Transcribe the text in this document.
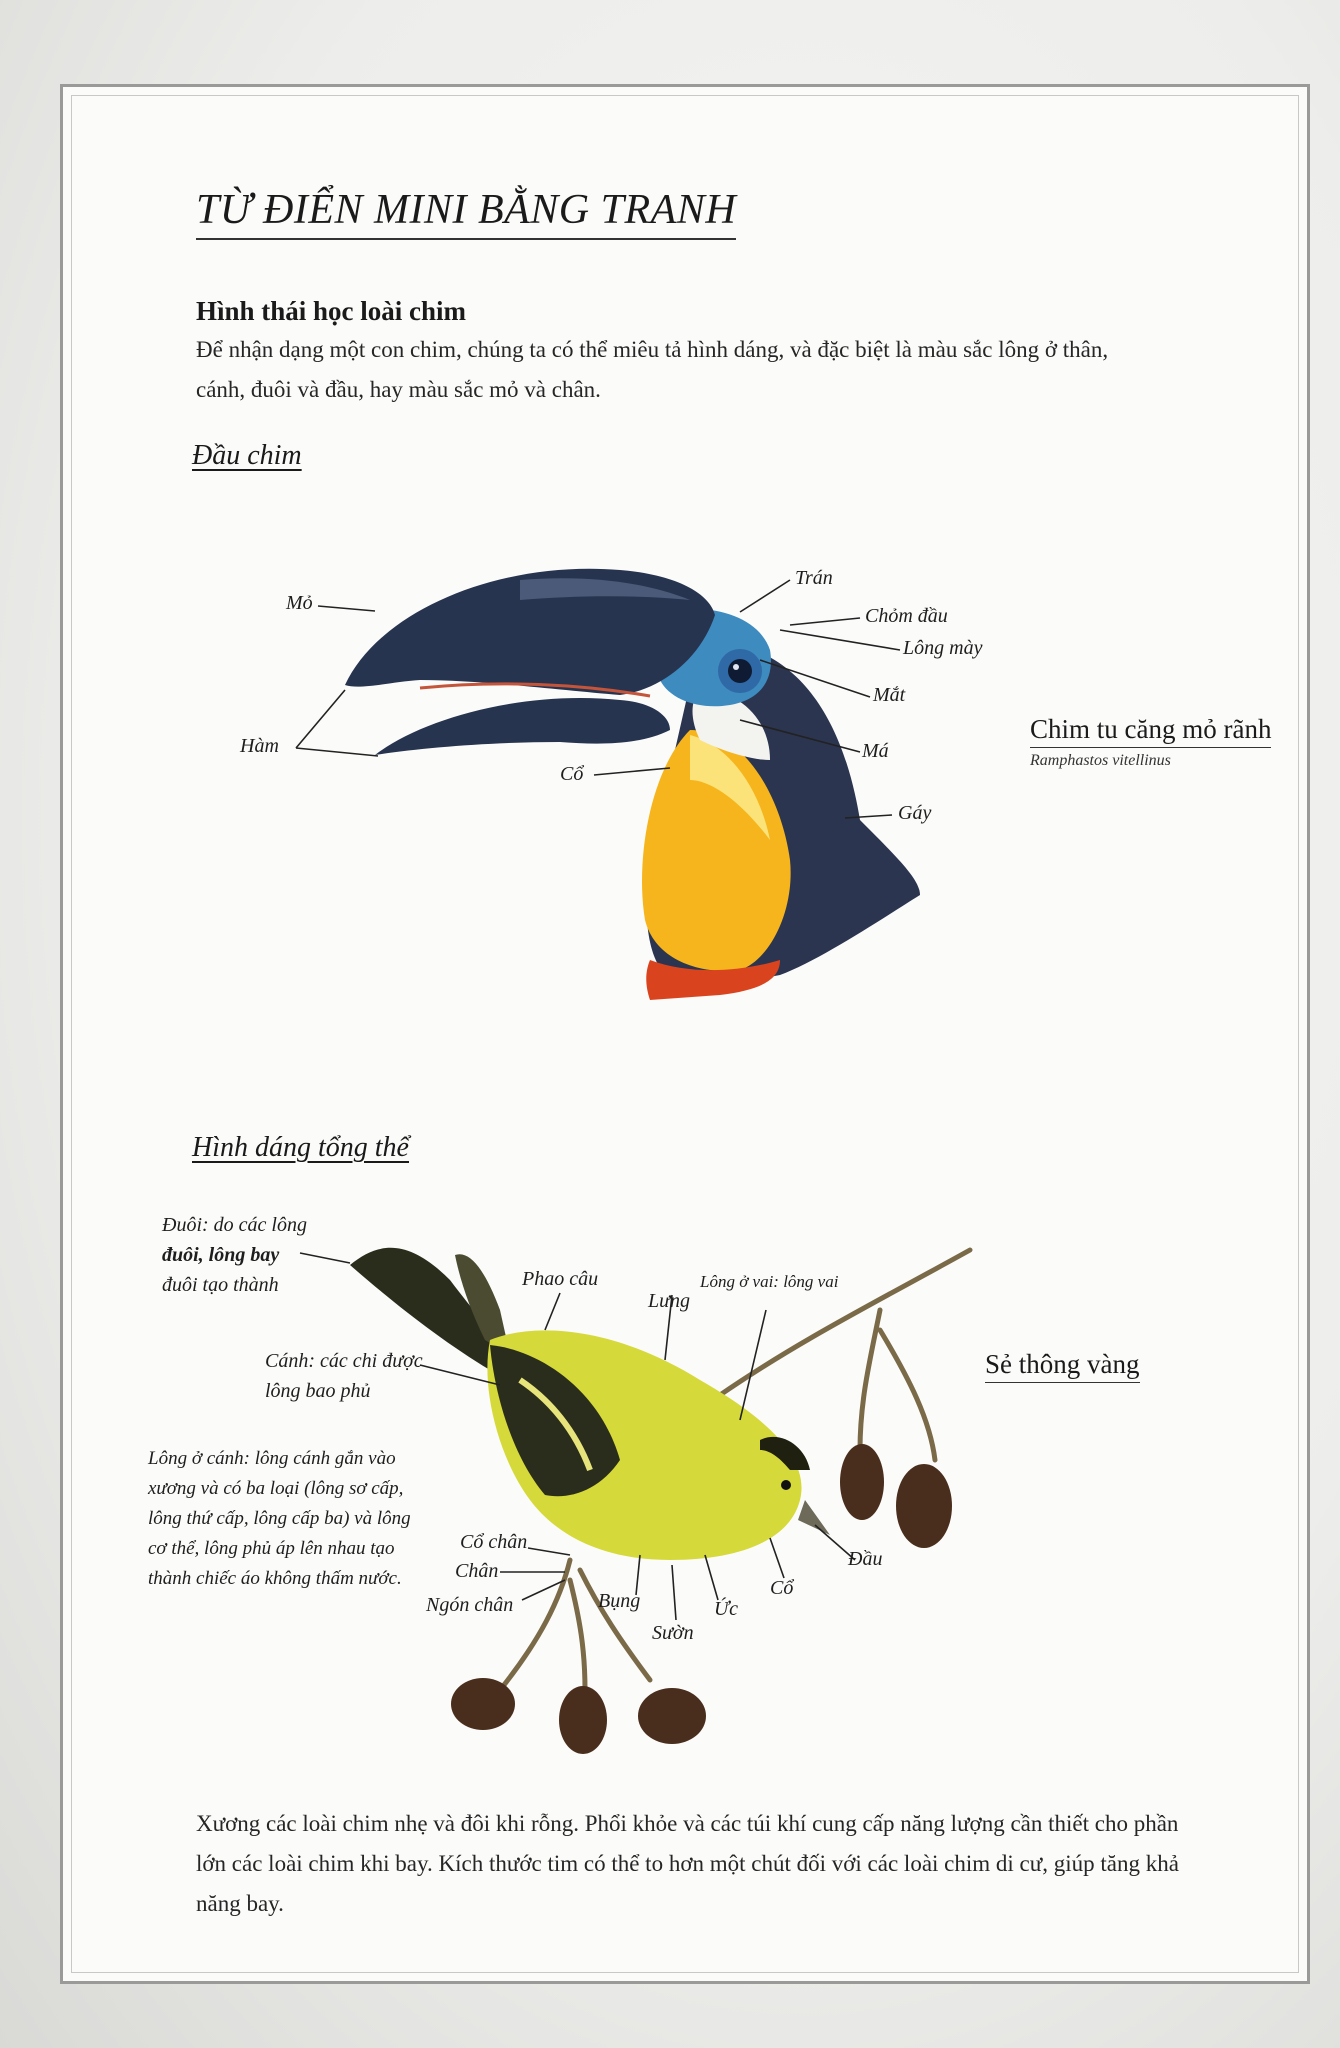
TỪ ĐIỂN MINI BẰNG TRANH
Hình thái học loài chim
Để nhận dạng một con chim, chúng ta có thể miêu tả hình dáng, và đặc biệt là màu sắc lông ở thân, cánh, đuôi và đầu, hay màu sắc mỏ và chân.
Đầu chim
Mỏ
Hàm
Cổ
Trán
Chỏm đầu
Lông mày
Mắt
Má
Gáy
Chim tu căng mỏ rãnh
Ramphastos vitellinus
Hình dáng tổng thể
Đuôi: do các lông
đuôi, lông bay
đuôi tạo thành	Phao câu
Lưng
Lông ở vai: lông vai
Cánh: các chi được
lông bao phủ
Lông ở cánh: lông cánh gắn vào
xương và có ba loại (lông sơ cấp,
lông thứ cấp, lông cấp ba) và lông
cơ thể, lông phủ áp lên nhau tạo
thành chiếc áo không thấm nước.
Cổ chân
Chân
Ngón chân	Bụng
Sườn
Ức
Cổ
Đầu
Sẻ thông vàng
Xương các loài chim nhẹ và đôi khi rỗng. Phổi khỏe và các túi khí cung cấp năng lượng cần thiết cho phần lớn các loài chim khi bay. Kích thước tim có thể to hơn một chút đối với các loài chim di cư, giúp tăng khả năng bay.
